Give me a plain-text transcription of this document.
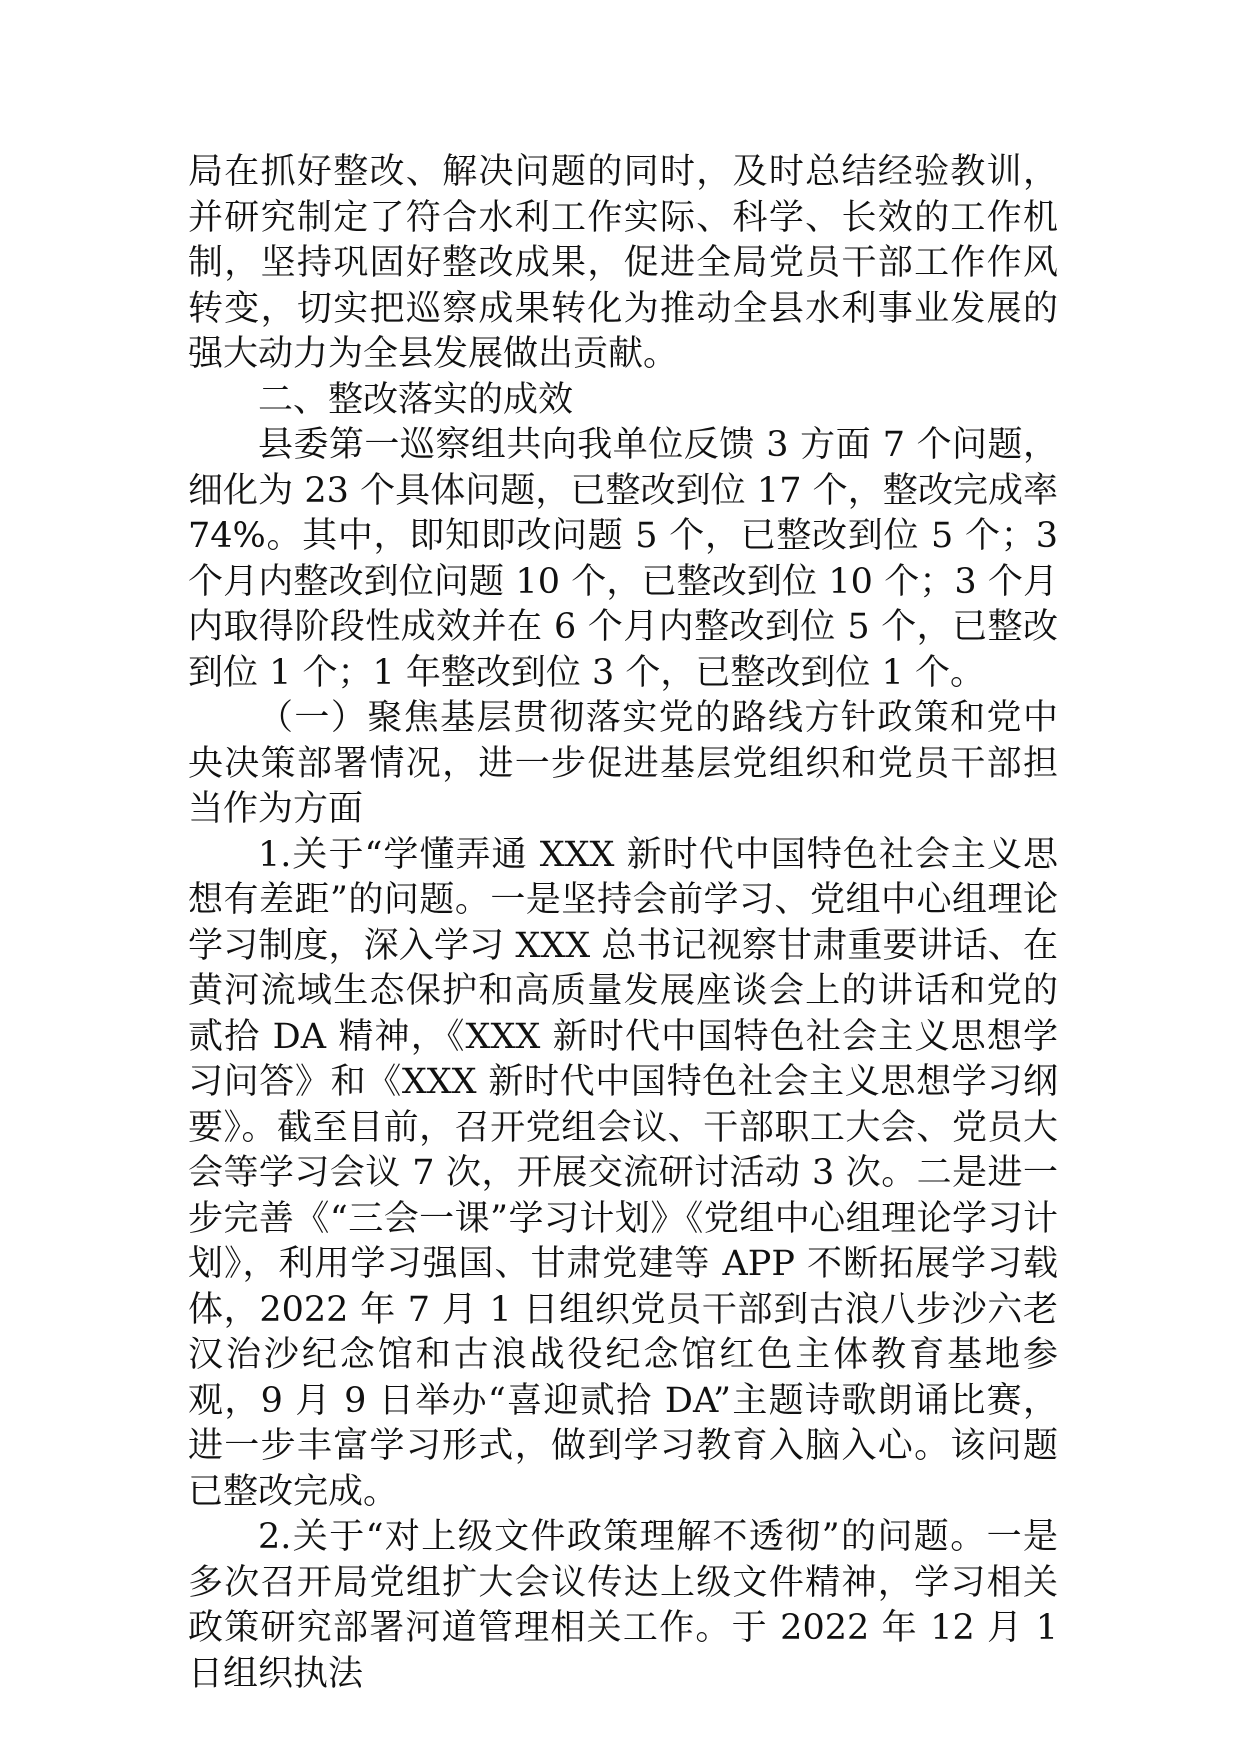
局在抓好整改、解决问题的同时，及时总结经验教训，并研究制定了符合水利工作实际、科学、长效的工作机制，坚持巩固好整改成果，促进全局党员干部工作作风转变，切实把巡察成果转化为推动全县水利事业发展的强大动力为全县发展做出贡献。

二、整改落实的成效

县委第一巡察组共向我单位反馈 3 方面 7 个问题，细化为 23 个具体问题，已整改到位 17 个，整改完成率 74%。其中，即知即改问题 5 个，已整改到位 5 个；3 个月内整改到位问题 10 个，已整改到位 10 个；3 个月内取得阶段性成效并在 6 个月内整改到位 5 个，已整改到位 1 个；1 年整改到位 3 个，已整改到位 1 个。

（一）聚焦基层贯彻落实党的路线方针政策和党中央决策部署情况，进一步促进基层党组织和党员干部担当作为方面

1.关于“学懂弄通 XXX 新时代中国特色社会主义思想有差距”的问题。一是坚持会前学习、党组中心组理论学习制度，深入学习 XXX 总书记视察甘肃重要讲话、在黄河流域生态保护和高质量发展座谈会上的讲话和党的贰拾 DA 精神，《XXX 新时代中国特色社会主义思想学习问答》和《XXX 新时代中国特色社会主义思想学习纲要》。截至目前，召开党组会议、干部职工大会、党员大会等学习会议 7 次，开展交流研讨活动 3 次。二是进一步完善《“三会一课”学习计划》《党组中心组理论学习计划》，利用学习强国、甘肃党建等 APP 不断拓展学习载体，2022 年 7 月 1 日组织党员干部到古浪八步沙六老汉治沙纪念馆和古浪战役纪念馆红色主体教育基地参观，9 月 9 日举办“喜迎贰拾 DA”主题诗歌朗诵比赛，进一步丰富学习形式，做到学习教育入脑入心。该问题已整改完成。

2.关于“对上级文件政策理解不透彻”的问题。一是多次召开局党组扩大会议传达上级文件精神，学习相关政策研究部署河道管理相关工作。于 2022 年 12 月 1 日组织执法
